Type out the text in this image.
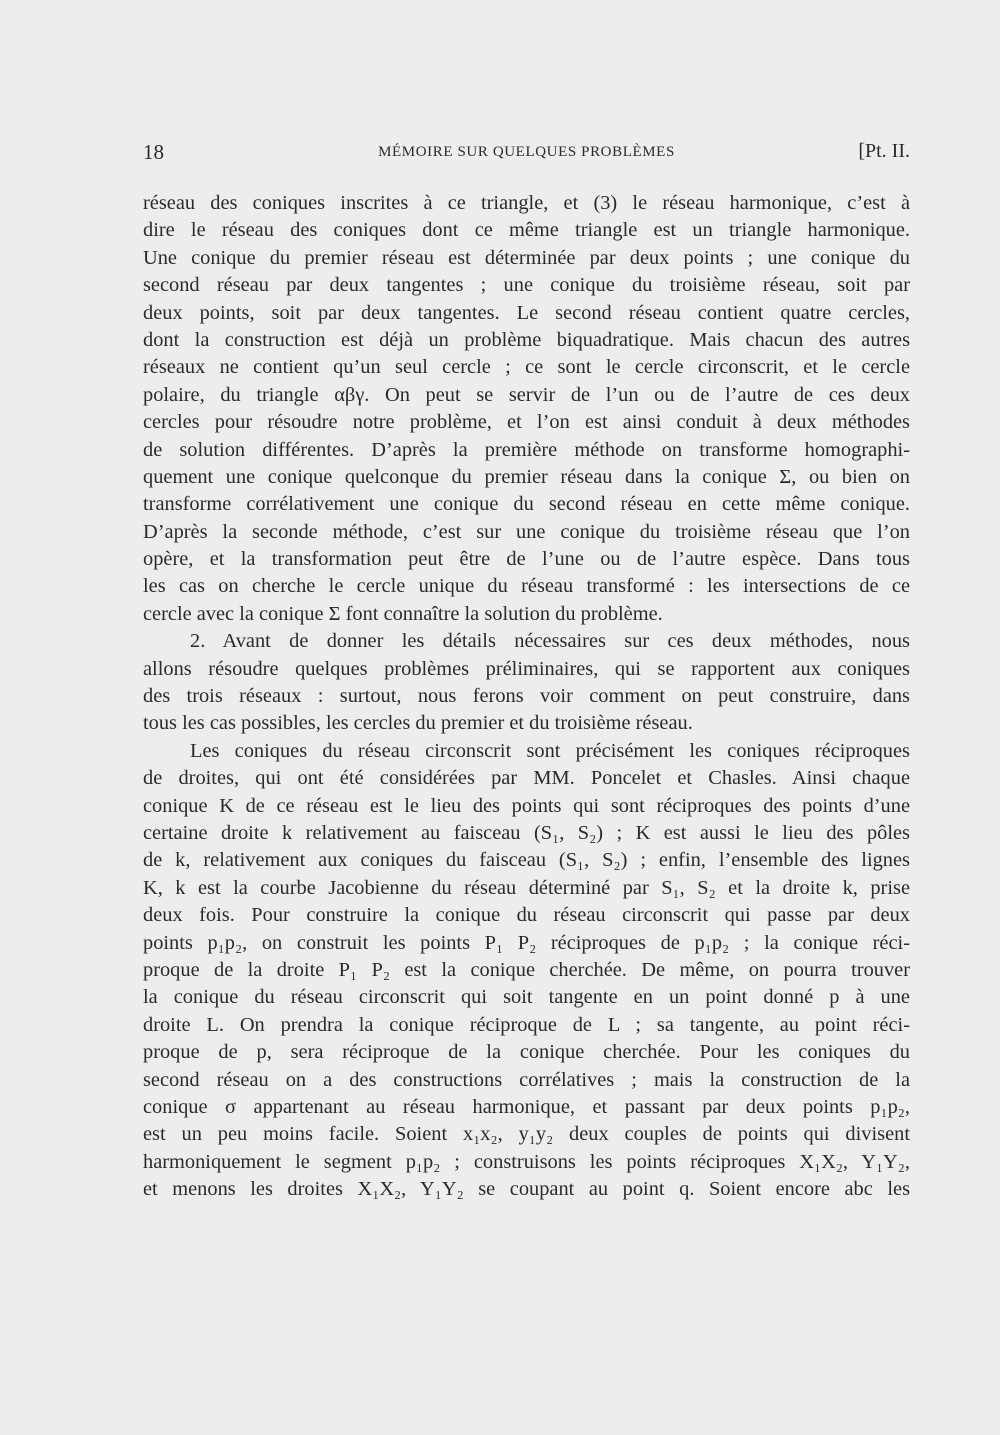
18	MÉMOIRE SUR QUELQUES PROBLÈMES	[Pt. II.
réseau des coniques inscrites à ce triangle, et (3) le réseau harmonique, c’est à
dire le réseau des coniques dont ce même triangle est un triangle harmonique.
Une conique du premier réseau est déterminée par deux points ; une conique du
second réseau par deux tangentes ; une conique du troisième réseau, soit par
deux points, soit par deux tangentes. Le second réseau contient quatre cercles,
dont la construction est déjà un problème biquadratique. Mais chacun des autres
réseaux ne contient qu’un seul cercle ; ce sont le cercle circonscrit, et le cercle
polaire, du triangle αβγ. On peut se servir de l’un ou de l’autre de ces deux
cercles pour résoudre notre problème, et l’on est ainsi conduit à deux méthodes
de solution différentes. D’après la première méthode on transforme homographi-
quement une conique quelconque du premier réseau dans la conique Σ, ou bien on
transforme corrélativement une conique du second réseau en cette même conique.
D’après la seconde méthode, c’est sur une conique du troisième réseau que l’on
opère, et la transformation peut être de l’une ou de l’autre espèce. Dans tous
les cas on cherche le cercle unique du réseau transformé : les intersections de ce
cercle avec la conique Σ font connaître la solution du problème.
2. Avant de donner les détails nécessaires sur ces deux méthodes, nous
allons résoudre quelques problèmes préliminaires, qui se rapportent aux coniques
des trois réseaux : surtout, nous ferons voir comment on peut construire, dans
tous les cas possibles, les cercles du premier et du troisième réseau.
Les coniques du réseau circonscrit sont précisément les coniques réciproques
de droites, qui ont été considérées par MM. Poncelet et Chasles. Ainsi chaque
conique K de ce réseau est le lieu des points qui sont réciproques des points d’une
certaine droite k relativement au faisceau (S₁, S₂) ; K est aussi le lieu des pôles
de k, relativement aux coniques du faisceau (S₁, S₂) ; enfin, l’ensemble des lignes
K, k est la courbe Jacobienne du réseau déterminé par S₁, S₂ et la droite k, prise
deux fois. Pour construire la conique du réseau circonscrit qui passe par deux
points p₁p₂, on construit les points P₁ P₂ réciproques de p₁p₂ ; la conique réci-
proque de la droite P₁ P₂ est la conique cherchée. De même, on pourra trouver
la conique du réseau circonscrit qui soit tangente en un point donné p à une
droite L. On prendra la conique réciproque de L ; sa tangente, au point réci-
proque de p, sera réciproque de la conique cherchée. Pour les coniques du
second réseau on a des constructions corrélatives ; mais la construction de la
conique σ appartenant au réseau harmonique, et passant par deux points p₁p₂,
est un peu moins facile. Soient x₁x₂, y₁y₂ deux couples de points qui divisent
harmoniquement le segment p₁p₂ ; construisons les points réciproques X₁X₂, Y₁Y₂,
et menons les droites X₁X₂, Y₁Y₂ se coupant au point q. Soient encore abc les
